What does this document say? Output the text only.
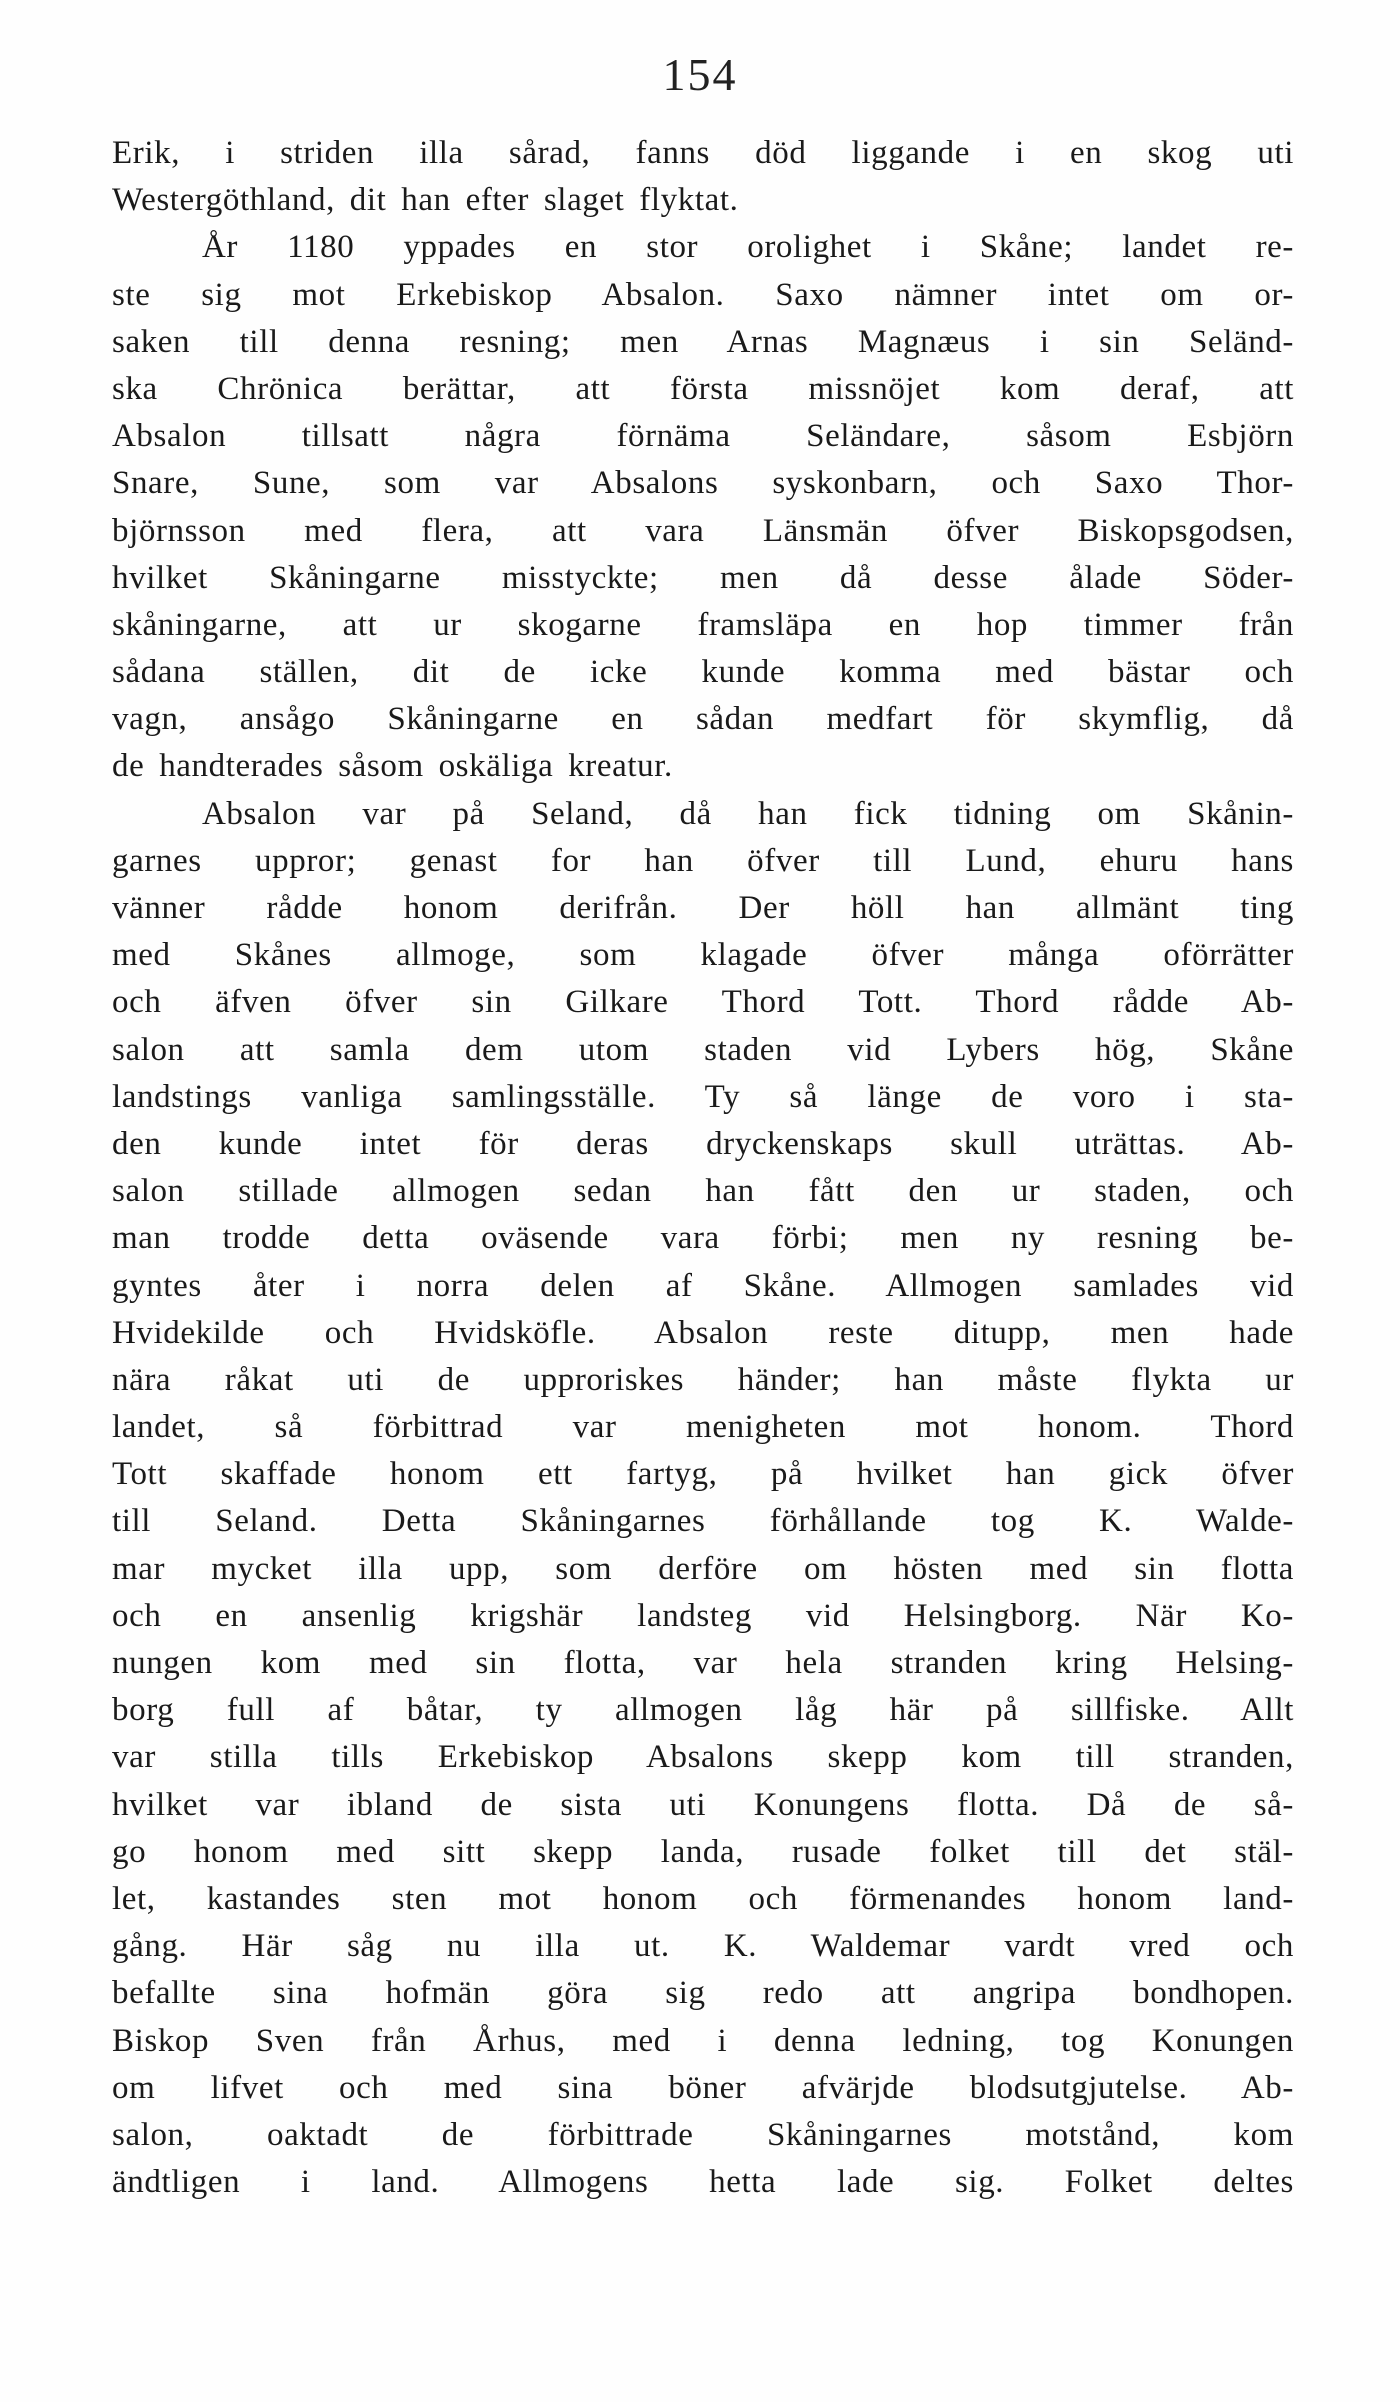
154
Erik, i striden illa sårad, fanns död liggande i en skog uti
Westergöthland, dit han efter slaget flyktat.
År 1180 yppades en stor orolighet i Skåne; landet re-
ste sig mot Erkebiskop Absalon. Saxo nämner intet om or-
saken till denna resning; men Arnas Magnæus i sin Seländ-
ska Chrönica berättar, att första missnöjet kom deraf, att
Absalon tillsatt några förnäma Seländare, såsom Esbjörn
Snare, Sune, som var Absalons syskonbarn, och Saxo Thor-
björnsson med flera, att vara Länsmän öfver Biskopsgodsen,
hvilket Skåningarne misstyckte; men då desse ålade Söder-
skåningarne, att ur skogarne framsläpa en hop timmer från
sådana ställen, dit de icke kunde komma med bästar och
vagn, ansågo Skåningarne en sådan medfart för skymflig, då
de handterades såsom oskäliga kreatur.
Absalon var på Seland, då han fick tidning om Skånin-
garnes uppror; genast for han öfver till Lund, ehuru hans
vänner rådde honom derifrån. Der höll han allmänt ting
med Skånes allmoge, som klagade öfver många oförrätter
och äfven öfver sin Gilkare Thord Tott. Thord rådde Ab-
salon att samla dem utom staden vid Lybers hög, Skåne
landstings vanliga samlingsställe. Ty så länge de voro i sta-
den kunde intet för deras dryckenskaps skull uträttas. Ab-
salon stillade allmogen sedan han fått den ur staden, och
man trodde detta oväsende vara förbi; men ny resning be-
gyntes åter i norra delen af Skåne. Allmogen samlades vid
Hvidekilde och Hvidsköfle. Absalon reste ditupp, men hade
nära råkat uti de upproriskes händer; han måste flykta ur
landet, så förbittrad var menigheten mot honom. Thord
Tott skaffade honom ett fartyg, på hvilket han gick öfver
till Seland. Detta Skåningarnes förhållande tog K. Walde-
mar mycket illa upp, som derföre om hösten med sin flotta
och en ansenlig krigshär landsteg vid Helsingborg. När Ko-
nungen kom med sin flotta, var hela stranden kring Helsing-
borg full af båtar, ty allmogen låg här på sillfiske. Allt
var stilla tills Erkebiskop Absalons skepp kom till stranden,
hvilket var ibland de sista uti Konungens flotta. Då de så-
go honom med sitt skepp landa, rusade folket till det stäl-
let, kastandes sten mot honom och förmenandes honom land-
gång. Här såg nu illa ut. K. Waldemar vardt vred och
befallte sina hofmän göra sig redo att angripa bondhopen.
Biskop Sven från Århus, med i denna ledning, tog Konungen
om lifvet och med sina böner afvärjde blodsutgjutelse. Ab-
salon, oaktadt de förbittrade Skåningarnes motstånd, kom
ändtligen i land. Allmogens hetta lade sig. Folket deltes
